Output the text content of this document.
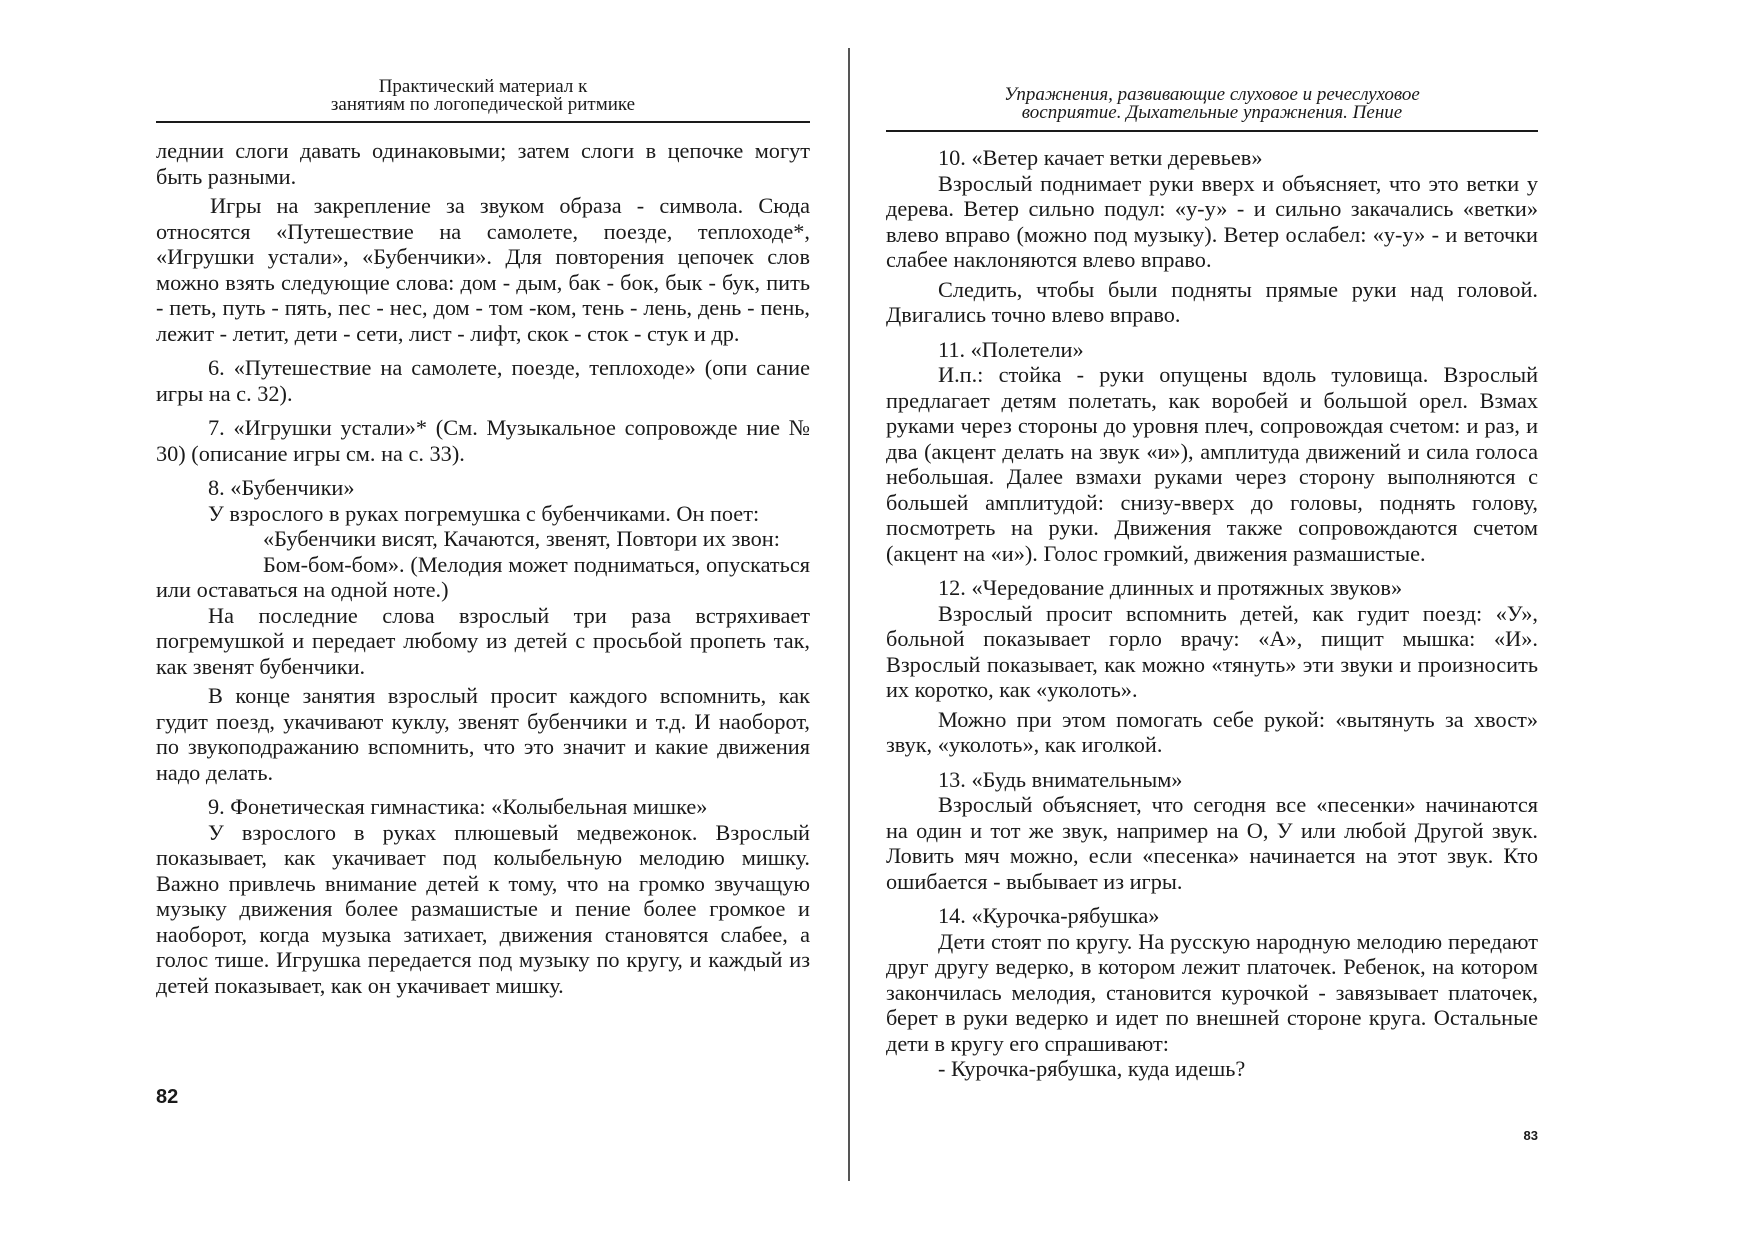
Практический материал к
занятиям по логопедической ритмике

леднии слоги давать одинаковыми; затем слоги в цепочке могут быть разными.

Игры на закрепление за звуком образа - символа. Сюда относятся «Путешествие на самолете, поезде, теплоходе*, «Игрушки устали», «Бубенчики». Для повторения цепочек слов можно взять следующие слова: дом - дым, бак - бок, бык - бук, пить - петь, путь - пять, пес - нес, дом - том -ком, тень - лень, день - пень, лежит - летит, дети - сети, лист - лифт, скок - сток - стук и др.

6. «Путешествие на самолете, поезде, теплоходе» (опи сание игры на с. 32).

7. «Игрушки устали»* (См. Музыкальное сопровожде ние № 30) (описание игры см. на с. 33).

8. «Бубенчики»

У взрослого в руках погремушка с бубенчиками. Он поет:

«Бубенчики висят, Качаются, звенят, Повтори их звон:

Бом-бом-бом». (Мелодия может подниматься, опускаться или оставаться на одной ноте.)

На последние слова взрослый три раза встряхивает погремушкой и передает любому из детей с просьбой пропеть так, как звенят бубенчики.

В конце занятия взрослый просит каждого вспомнить, как гудит поезд, укачивают куклу, звенят бубенчики и т.д. И наоборот, по звукоподражанию вспомнить, что это значит и какие движения надо делать.

9. Фонетическая гимнастика: «Колыбельная мишке»

У взрослого в руках плюшевый медвежонок. Взрослый показывает, как укачивает под колыбельную мелодию мишку. Важно привлечь внимание детей к тому, что на громко звучащую музыку движения более размашистые и пение более громкое и наоборот, когда музыка затихает, движения становятся слабее, а голос тише. Игрушка передается под музыку по кругу, и каждый из детей показывает, как он укачивает мишку.

82
Упражнения, развивающие слуховое и речеслуховое
восприятие. Дыхательные упражнения. Пение

10. «Ветер качает ветки деревьев»

Взрослый поднимает руки вверх и объясняет, что это ветки у дерева. Ветер сильно подул: «у-у» - и сильно закачались «ветки» влево вправо (можно под музыку). Ветер ослабел: «у-у» - и веточки слабее наклоняются влево вправо.

Следить, чтобы были подняты прямые руки над головой. Двигались точно влево вправо.

11. «Полетели»

И.п.: стойка - руки опущены вдоль туловища. Взрослый предлагает детям полетать, как воробей и большой орел. Взмах руками через стороны до уровня плеч, сопровождая счетом: и раз, и два (акцент делать на звук «и»), амплитуда движений и сила голоса небольшая. Далее взмахи руками через сторону выполняются с большей амплитудой: снизу-вверх до головы, поднять голову, посмотреть на руки. Движения также сопровождаются счетом (акцент на «и»). Голос громкий, движения размашистые.

12. «Чередование длинных и протяжных звуков»

Взрослый просит вспомнить детей, как гудит поезд: «У», больной показывает горло врачу: «А», пищит мышка: «И». Взрослый показывает, как можно «тянуть» эти звуки и произносить их коротко, как «уколоть».

Можно при этом помогать себе рукой: «вытянуть за хвост» звук, «уколоть», как иголкой.

13. «Будь внимательным»

Взрослый объясняет, что сегодня все «песенки» начинаются на один и тот же звук, например на О, У или любой Другой звук. Ловить мяч можно, если «песенка» начинается на этот звук. Кто ошибается - выбывает из игры.

14. «Курочка-рябушка»

Дети стоят по кругу. На русскую народную мелодию передают друг другу ведерко, в котором лежит платочек. Ребенок, на котором закончилась мелодия, становится курочкой - завязывает платочек, берет в руки ведерко и идет по внешней стороне круга. Остальные дети в кругу его спрашивают:

- Курочка-рябушка, куда идешь?

83
